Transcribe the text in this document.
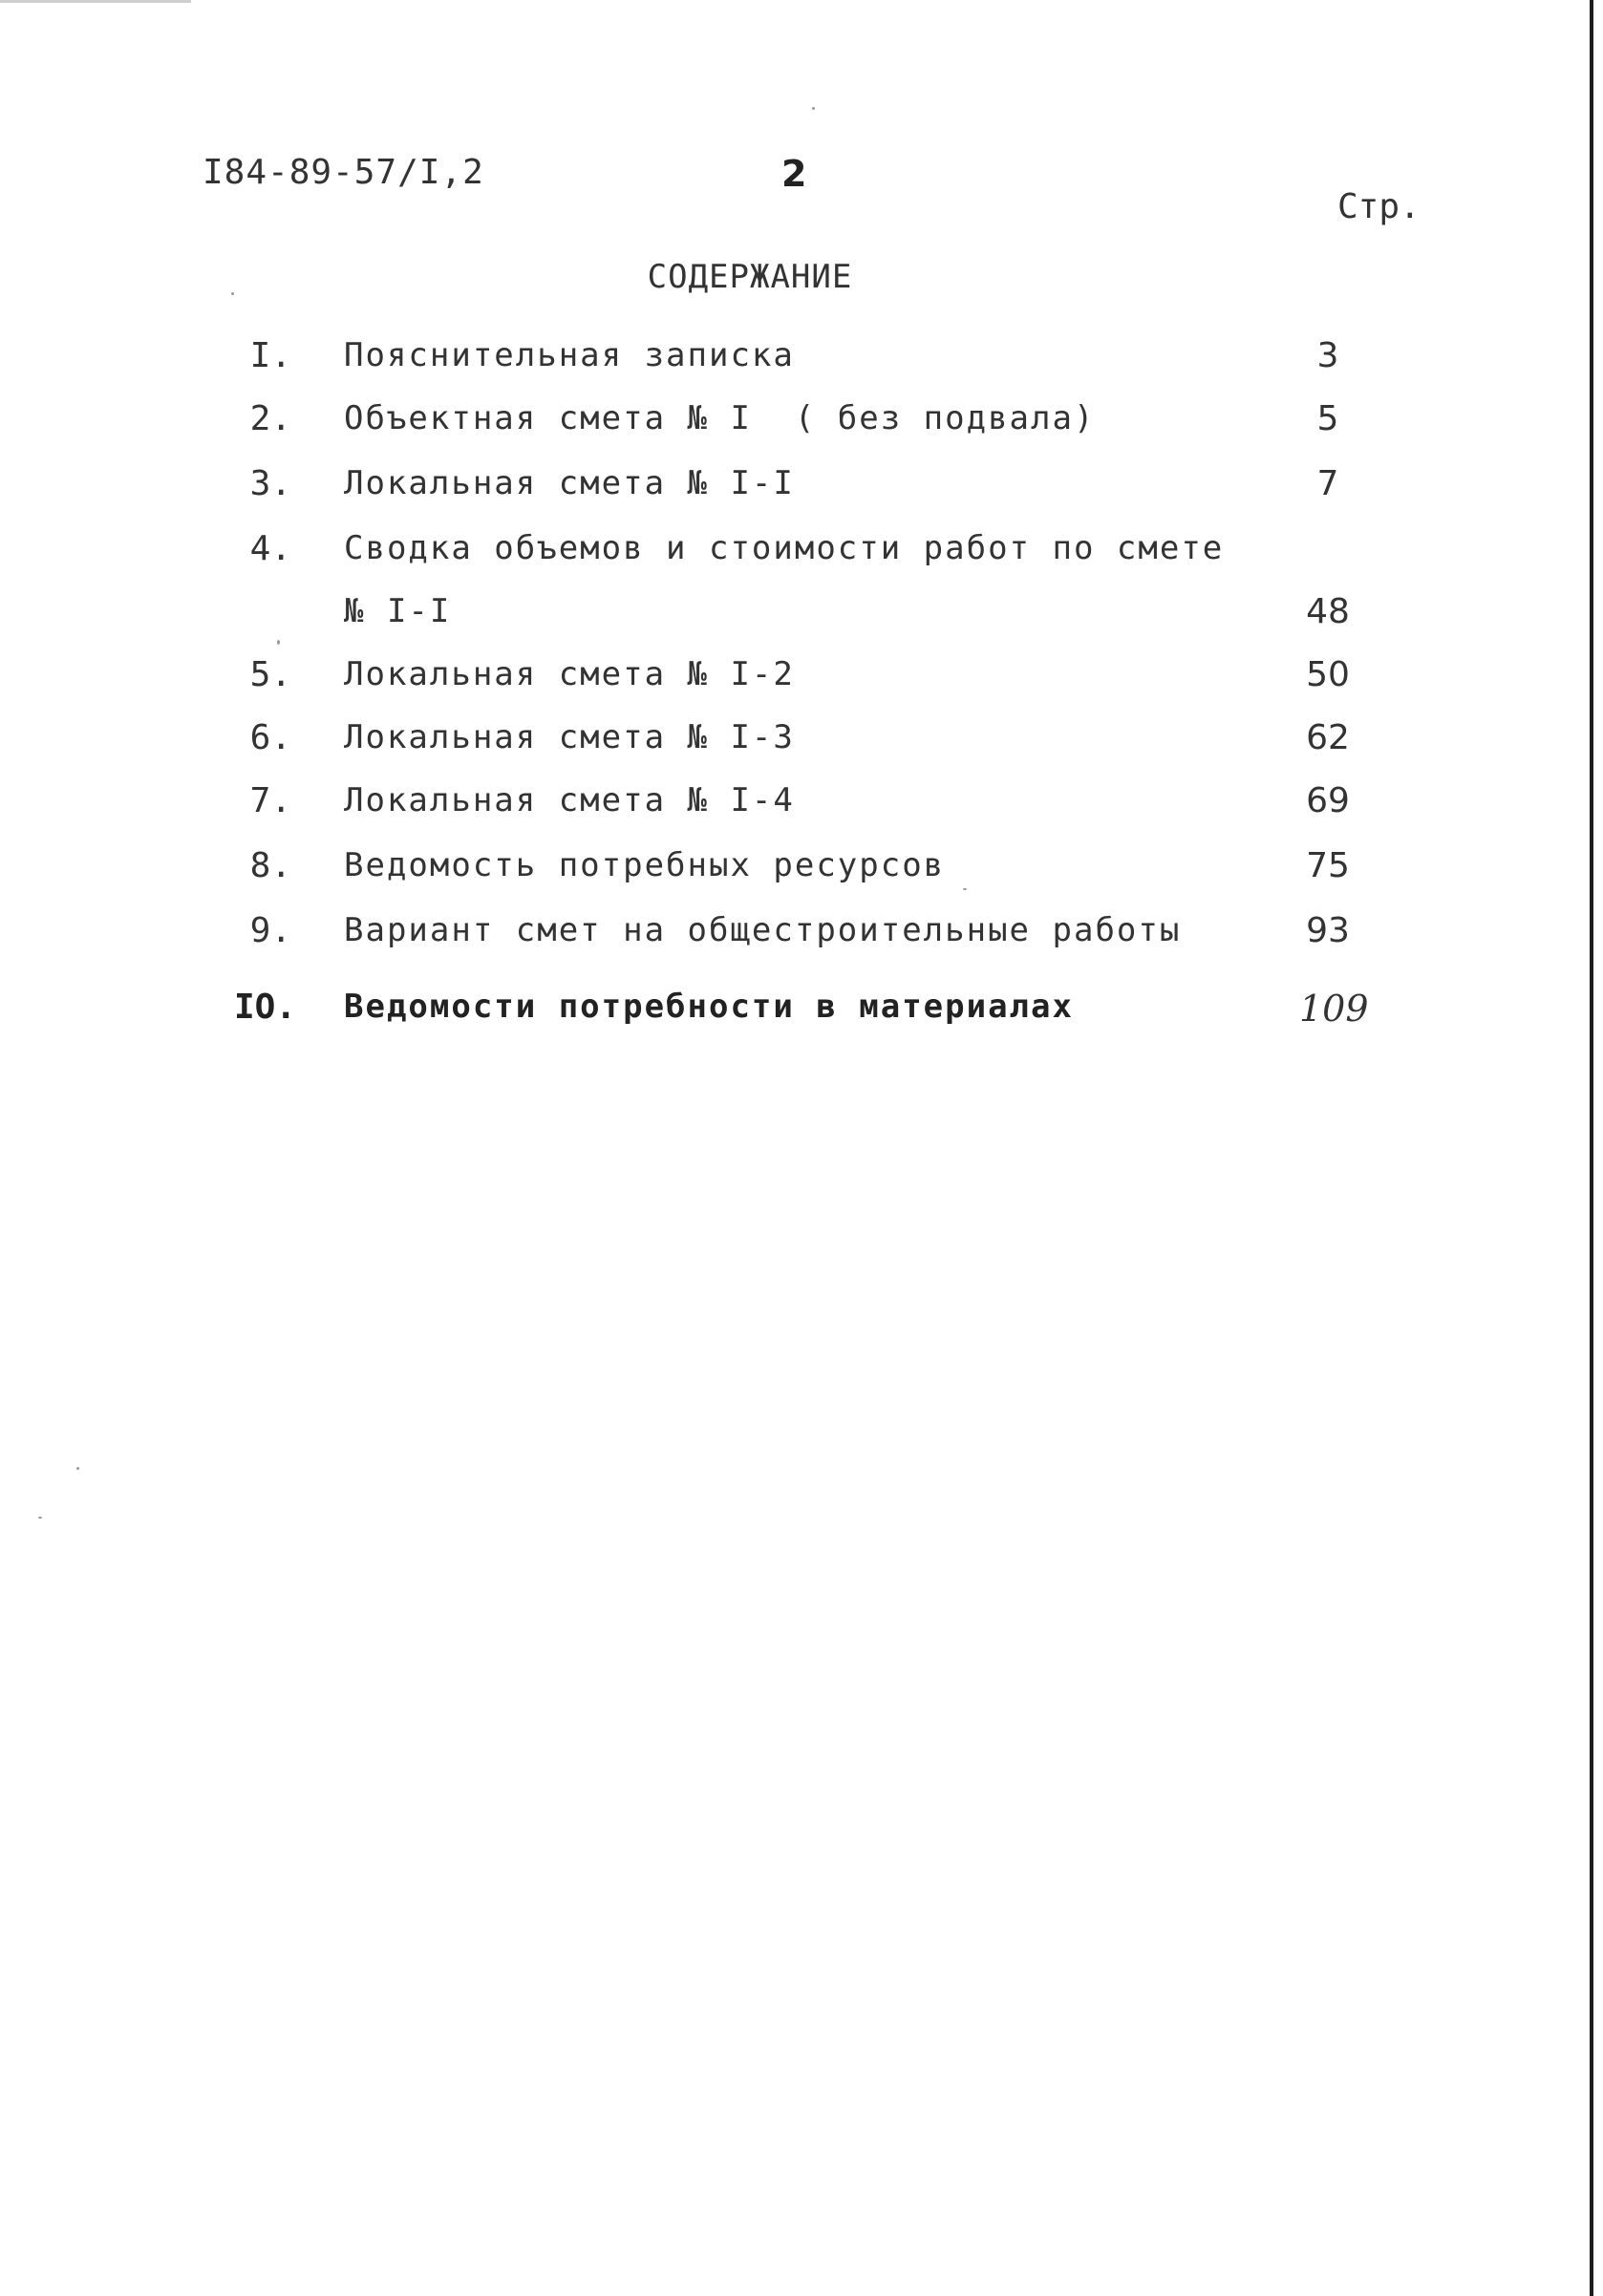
I84-89-57/I,2	2
Стр.
СОДЕРЖАНИЕ
I. Пояснительная записка	3
2. Объектная смета № I  ( без подвала)	5
3. Локальная смета № I-I	7
4. Сводка объемов и стоимости работ по смете
№ I-I	48
5. Локальная смета № I-2	50
6. Локальная смета № I-3	62
7. Локальная смета № I-4	69
8. Ведомость потребных ресурсов	75
9. Вариант смет на общестроительные работы	93
IO. Ведомости потребности в материалах	109
